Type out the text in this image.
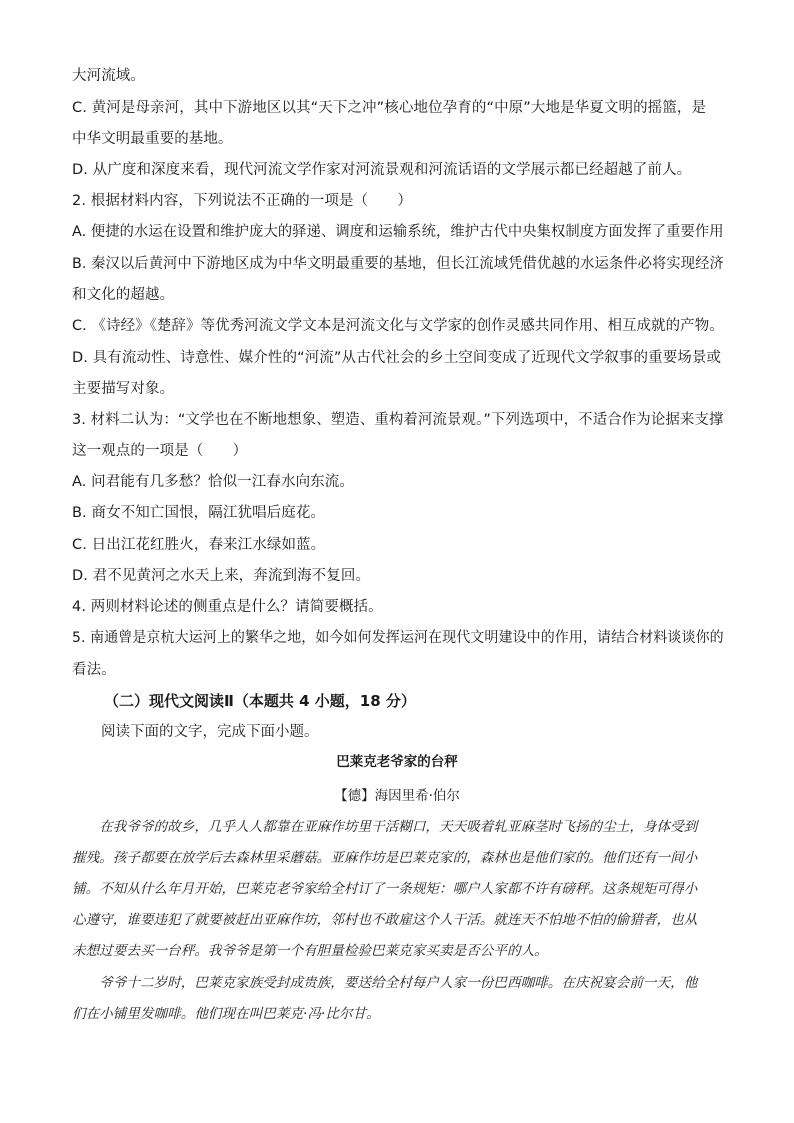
大河流域。
C. 黄河是母亲河，其中下游地区以其“天下之冲”核心地位孕育的“中原”大地是华夏文明的摇篮，是
中华文明最重要的基地。
D. 从广度和深度来看，现代河流文学作家对河流景观和河流话语的文学展示都已经超越了前人。
2. 根据材料内容，下列说法不正确的一项是（　　）
A. 便捷的水运在设置和维护庞大的驿递、调度和运输系统，维护古代中央集权制度方面发挥了重要作用
B. 秦汉以后黄河中下游地区成为中华文明最重要的基地，但长江流域凭借优越的水运条件必将实现经济
和文化的超越。
C. 《诗经》《楚辞》等优秀河流文学文本是河流文化与文学家的创作灵感共同作用、相互成就的产物。
D. 具有流动性、诗意性、媒介性的“河流”从古代社会的乡土空间变成了近现代文学叙事的重要场景或
主要描写对象。
3. 材料二认为：“文学也在不断地想象、塑造、重构着河流景观。”下列选项中，不适合作为论据来支撑
这一观点的一项是（　　）
A. 问君能有几多愁？恰似一江春水向东流。
B. 商女不知亡国恨，隔江犹唱后庭花。
C. 日出江花红胜火，春来江水绿如蓝。
D. 君不见黄河之水天上来，奔流到海不复回。
4. 两则材料论述的侧重点是什么？请简要概括。
5. 南通曾是京杭大运河上的繁华之地，如今如何发挥运河在现代文明建设中的作用，请结合材料谈谈你的
看法。
（二）现代文阅读Ⅱ（本题共 4 小题，18 分）
阅读下面的文字，完成下面小题。
巴莱克老爷家的台秤
【德】海因里希·伯尔
　　在我爷爷的故乡，几乎人人都靠在亚麻作坊里干活糊口，天天吸着轧亚麻茎时飞扬的尘土，身体受到
摧残。孩子都要在放学后去森林里采蘑菇。亚麻作坊是巴莱克家的，森林也是他们家的。他们还有一间小
铺。不知从什么年月开始，巴莱克老爷家给全村订了一条规矩：哪户人家都不许有磅秤。这条规矩可得小
心遵守，谁要违犯了就要被赶出亚麻作坊，邻村也不敢雇这个人干活。就连天不怕地不怕的偷猎者，也从
未想过要去买一台秤。我爷爷是第一个有胆量检验巴莱克家买卖是否公平的人。
　　爷爷十二岁时，巴莱克家族受封成贵族，要送给全村每户人家一份巴西咖啡。在庆祝宴会前一天，他
们在小铺里发咖啡。他们现在叫巴莱克·冯·比尔甘。
